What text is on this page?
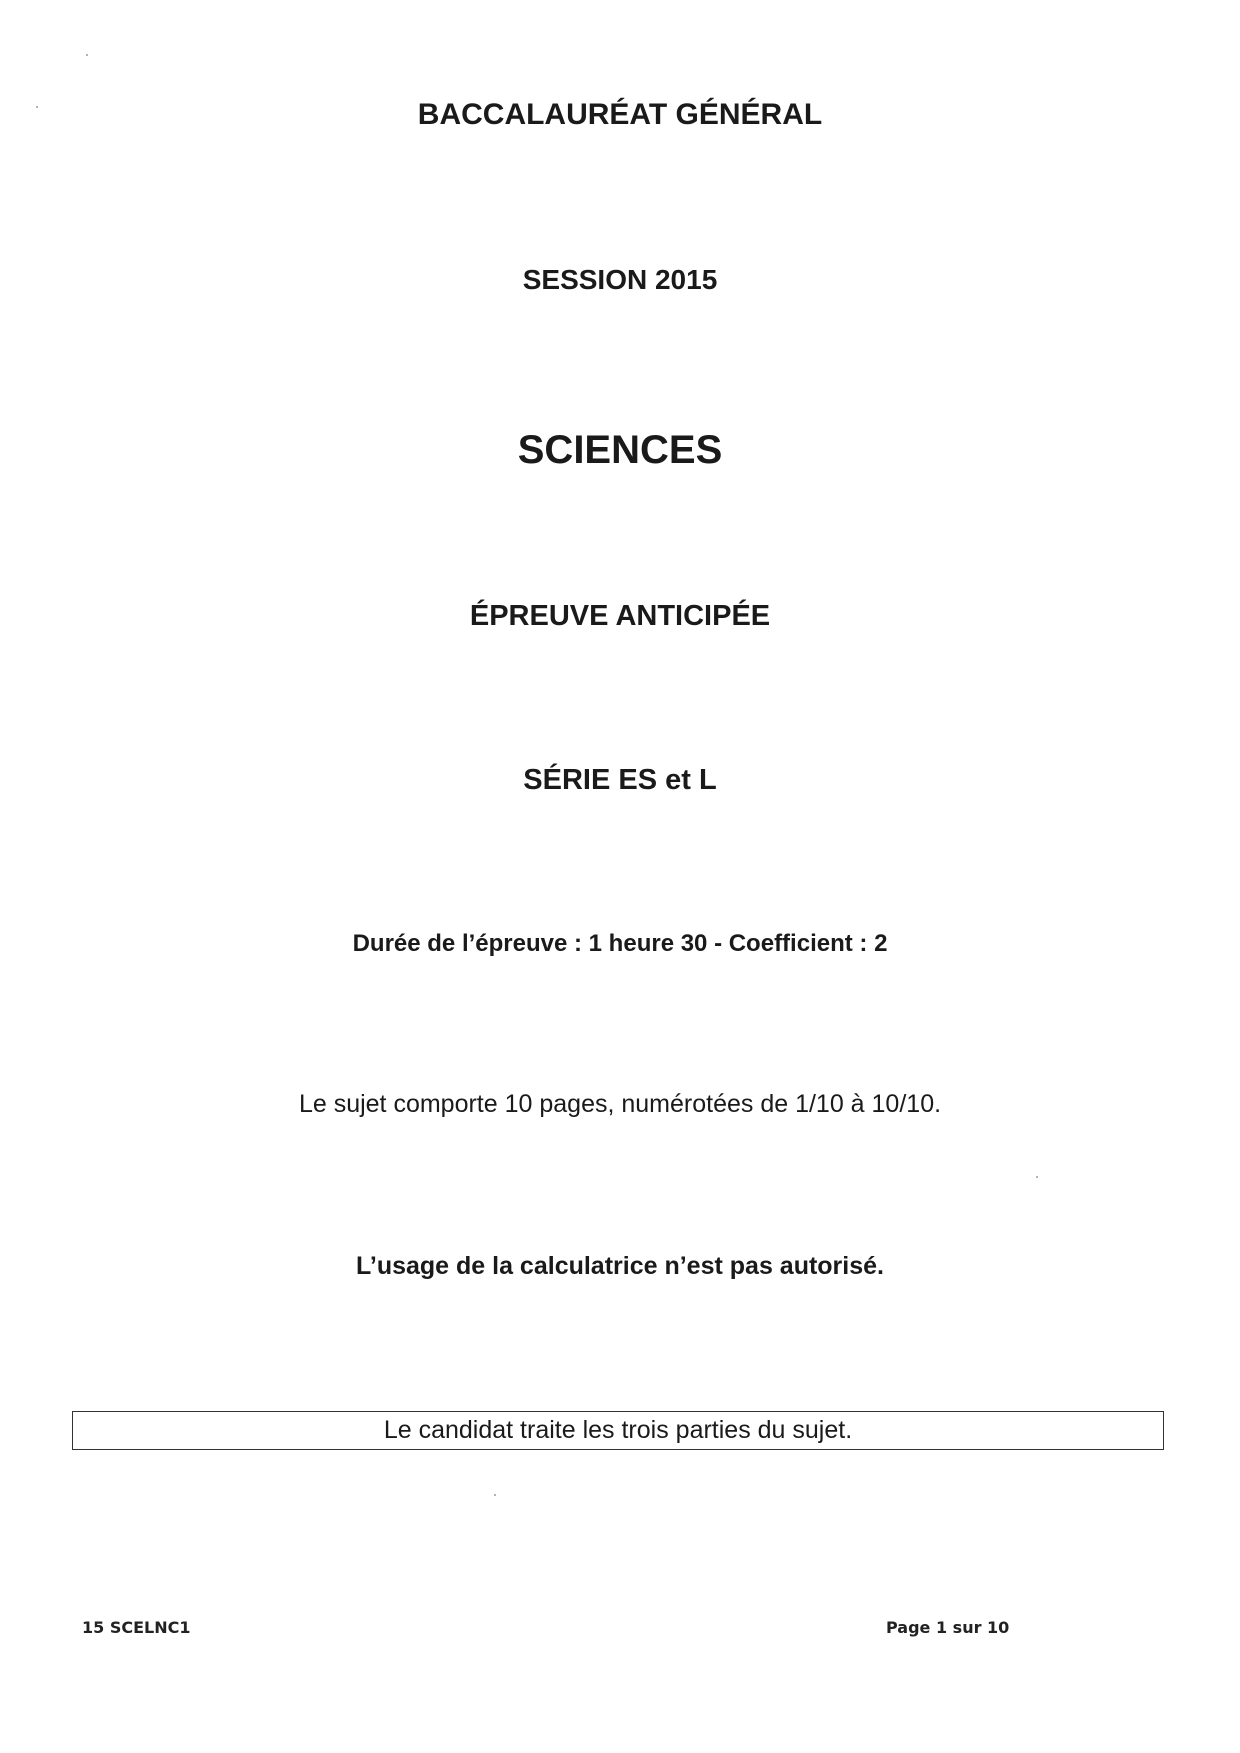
BACCALAURÉAT GÉNÉRAL
SESSION 2015
SCIENCES
ÉPREUVE ANTICIPÉE
SÉRIE ES et L
Durée de l’épreuve : 1 heure 30 - Coefficient : 2
Le sujet comporte 10 pages, numérotées de 1/10 à 10/10.
L’usage de la calculatrice n’est pas autorisé.
Le candidat traite les trois parties du sujet.
15 SCELNC1	Page 1 sur 10
